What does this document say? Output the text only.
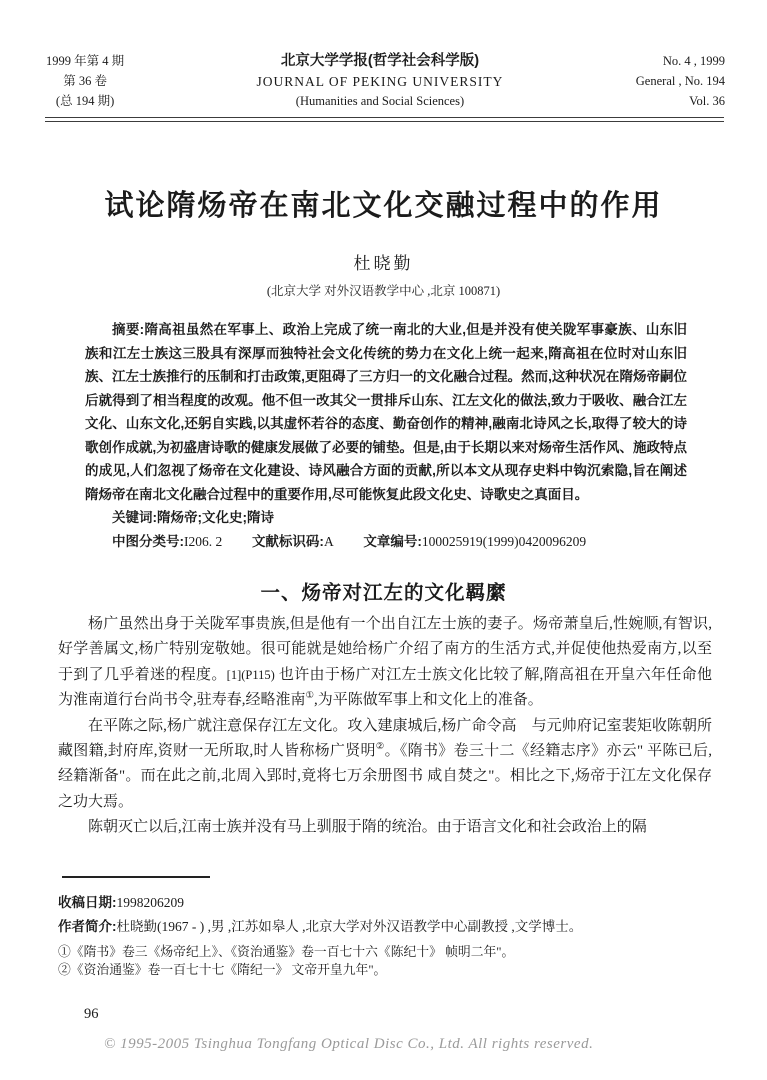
1999 年第 4 期
第 36 卷
(总 194 期)
北京大学学报(哲学社会科学版)
JOURNAL OF PEKING UNIVERSITY
(Humanities and Social Sciences)
No. 4 , 1999
General , No. 194
Vol. 36
试论隋炀帝在南北文化交融过程中的作用
杜晓勤
(北京大学 对外汉语教学中心 ,北京 100871)

摘要:隋高祖虽然在军事上、政治上完成了统一南北的大业,但是并没有使关陇军事豪族、山东旧族和江左士族这三股具有深厚而独特社会文化传统的势力在文化上统一起来,隋高祖在位时对山东旧族、江左士族推行的压制和打击政策,更阻碍了三方归一的文化融合过程。然而,这种状况在隋炀帝嗣位后就得到了相当程度的改观。他不但一改其父一贯排斥山东、江左文化的做法,致力于吸收、融合江左文化、山东文化,还躬自实践,以其虚怀若谷的态度、勤奋创作的精神,融南北诗风之长,取得了较大的诗歌创作成就,为初盛唐诗歌的健康发展做了必要的铺垫。但是,由于长期以来对炀帝生活作风、施政特点的成见,人们忽视了炀帝在文化建设、诗风融合方面的贡献,所以本文从现存史料中钩沉索隐,旨在阐述隋炀帝在南北文化融合过程中的重要作用,尽可能恢复此段文化史、诗歌史之真面目。

关键词:隋炀帝;文化史;隋诗

中图分类号:I206. 2 文献标识码:A 文章编号:100025919(1999)0420096209

一、炀帝对江左的文化羁縻

杨广虽然出身于关陇军事贵族,但是他有一个出自江左士族的妻子。炀帝萧皇后,性婉顺,有智识,好学善属文,杨广特别宠敬她。很可能就是她给杨广介绍了南方的生活方式,并促使他热爱南方,以至于到了几乎着迷的程度。[1](P115) 也许由于杨广对江左士族文化比较了解,隋高祖在开皇六年任命他为淮南道行台尚书令,驻寿春,经略淮南①,为平陈做军事上和文化上的准备。

在平陈之际,杨广就注意保存江左文化。攻入建康城后,杨广命令高　与元帅府记室裴矩收陈朝所藏图籍,封府库,资财一无所取,时人皆称杨广贤明②。《隋书》卷三十二《经籍志序》亦云" 平陈已后,经籍渐备"。而在此之前,北周入郢时,竟将七万余册图书 咸自焚之"。相比之下,炀帝于江左文化保存之功大焉。

陈朝灭亡以后,江南士族并没有马上驯服于隋的统治。由于语言文化和社会政治上的隔

收稿日期:1998206209

作者简介:杜晓勤(1967 - ) ,男 ,江苏如皋人 ,北京大学对外汉语教学中心副教授 ,文学博士。

①《隋书》卷三《炀帝纪上》、《资治通鉴》卷一百七十六《陈纪十》 帧明二年"。
②《资治通鉴》卷一百七十七《隋纪一》 文帝开皇九年"。
96
© 1995-2005 Tsinghua Tongfang Optical Disc Co., Ltd. All rights reserved.
